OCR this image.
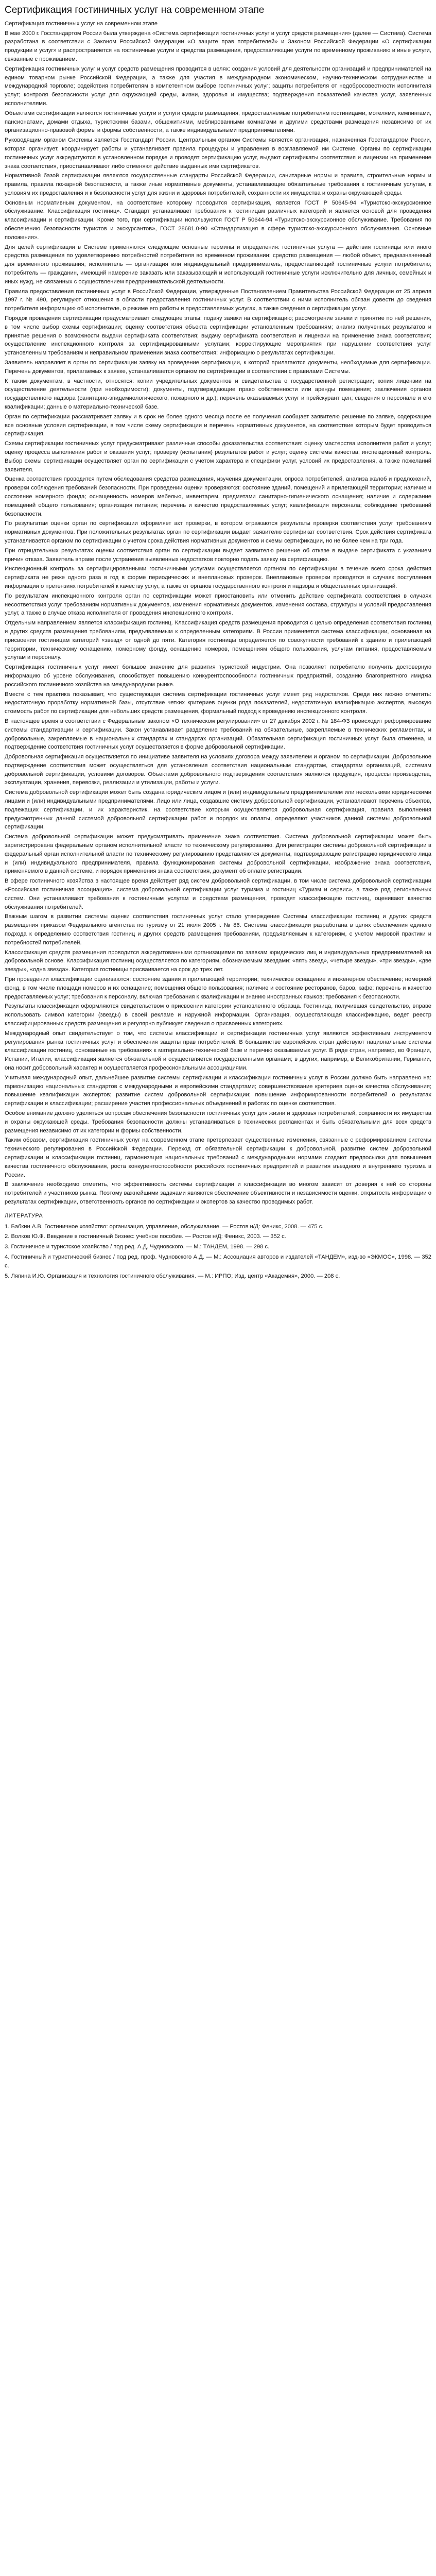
Сертификация гостиничных услуг на современном этапе
Сертификация гостиничных услуг на современном этапе

В мае 2000 г. Госстандартом России была утверждена «Система сертификации гостиничных услуг и услуг средств размещения» (далее — Система). Система разработана в соответствии с Законом Российской Федерации «О защите прав потребителей» и Законом Российской Федерации «О сертификации продукции и услуг» и распространяется на гостиничные услуги и средства размещения, предоставляющие услуги по временному проживанию и иные услуги, связанные с проживанием.

Сертификация гостиничных услуг и услуг средств размещения проводится в целях: создания условий для деятельности организаций и предпринимателей на едином товарном рынке Российской Федерации, а также для участия в международном экономическом, научно-техническом сотрудничестве и международной торговле; содействия потребителям в компетентном выборе гостиничных услуг; защиты потребителя от недобросовестности исполнителя услуг; контроля безопасности услуг для окружающей среды, жизни, здоровья и имущества; подтверждения показателей качества услуг, заявленных исполнителями.

Объектами сертификации являются гостиничные услуги и услуги средств размещения, предоставляемые потребителям гостиницами, мотелями, кемпингами, пансионатами, домами отдыха, туристскими базами, общежитиями, меблированными комнатами и другими средствами размещения независимо от их организационно-правовой формы и формы собственности, а также индивидуальными предпринимателями.

Руководящим органом Системы является Госстандарт России. Центральным органом Системы является организация, назначенная Госстандартом России, которая организует, координирует работы и устанавливает правила процедуры и управления в возглавляемой им Системе. Органы по сертификации гостиничных услуг аккредитуются в установленном порядке и проводят сертификацию услуг, выдают сертификаты соответствия и лицензии на применение знака соответствия, приостанавливают либо отменяют действие выданных ими сертификатов.

Нормативной базой сертификации являются государственные стандарты Российской Федерации, санитарные нормы и правила, строительные нормы и правила, правила пожарной безопасности, а также иные нормативные документы, устанавливающие обязательные требования к гостиничным услугам, к условиям их предоставления и к безопасности услуг для жизни и здоровья потребителей, сохранности их имущества и охраны окружающей среды.

Основным нормативным документом, на соответствие которому проводится сертификация, является ГОСТ Р 50645-94 «Туристско-экскурсионное обслуживание. Классификация гостиниц». Стандарт устанавливает требования к гостиницам различных категорий и является основой для проведения классификации и сертификации. Кроме того, при сертификации используются ГОСТ Р 50644-94 «Туристско-экскурсионное обслуживание. Требования по обеспечению безопасности туристов и экскурсантов», ГОСТ 28681.0-90 «Стандартизация в сфере туристско-экскурсионного обслуживания. Основные положения».

Для целей сертификации в Системе применяются следующие основные термины и определения: гостиничная услуга — действия гостиницы или иного средства размещения по удовлетворению потребностей потребителя во временном проживании; средство размещения — любой объект, предназначенный для временного проживания; исполнитель — организация или индивидуальный предприниматель, предоставляющий гостиничные услуги потребителю; потребитель — гражданин, имеющий намерение заказать или заказывающий и использующий гостиничные услуги исключительно для личных, семейных и иных нужд, не связанных с осуществлением предпринимательской деятельности.

Правила предоставления гостиничных услуг в Российской Федерации, утвержденные Постановлением Правительства Российской Федерации от 25 апреля 1997 г. № 490, регулируют отношения в области предоставления гостиничных услуг. В соответствии с ними исполнитель обязан довести до сведения потребителя информацию об исполнителе, о режиме его работы и предоставляемых услугах, а также сведения о сертификации услуг.

Порядок проведения сертификации предусматривает следующие этапы: подачу заявки на сертификацию; рассмотрение заявки и принятие по ней решения, в том числе выбор схемы сертификации; оценку соответствия объекта сертификации установленным требованиям; анализ полученных результатов и принятие решения о возможности выдачи сертификата соответствия; выдачу сертификата соответствия и лицензии на применение знака соответствия; осуществление инспекционного контроля за сертифицированными услугами; корректирующие мероприятия при нарушении соответствия услуг установленным требованиям и неправильном применении знака соответствия; информацию о результатах сертификации.

Заявитель направляет в орган по сертификации заявку на проведение сертификации, к которой прилагаются документы, необходимые для сертификации. Перечень документов, прилагаемых к заявке, устанавливается органом по сертификации в соответствии с правилами Системы.

К таким документам, в частности, относятся: копии учредительных документов и свидетельства о государственной регистрации; копия лицензии на осуществление деятельности (при необходимости); документы, подтверждающие право собственности или аренды помещения; заключения органов государственного надзора (санитарно-эпидемиологического, пожарного и др.); перечень оказываемых услуг и прейскурант цен; сведения о персонале и его квалификации; данные о материально-технической базе.

Орган по сертификации рассматривает заявку и в срок не более одного месяца после ее получения сообщает заявителю решение по заявке, содержащее все основные условия сертификации, в том числе схему сертификации и перечень нормативных документов, на соответствие которым будет проводиться сертификация.

Схемы сертификации гостиничных услуг предусматривают различные способы доказательства соответствия: оценку мастерства исполнителя работ и услуг; оценку процесса выполнения работ и оказания услуг; проверку (испытания) результатов работ и услуг; оценку системы качества; инспекционный контроль. Выбор схемы сертификации осуществляет орган по сертификации с учетом характера и специфики услуг, условий их предоставления, а также пожеланий заявителя.

Оценка соответствия проводится путем обследования средства размещения, изучения документации, опроса потребителей, анализа жалоб и предложений, проверки соблюдения требований безопасности. При проведении оценки проверяются: состояние зданий, помещений и прилегающей территории; наличие и состояние номерного фонда; оснащенность номеров мебелью, инвентарем, предметами санитарно-гигиенического оснащения; наличие и содержание помещений общего пользования; организация питания; перечень и качество предоставляемых услуг; квалификация персонала; соблюдение требований безопасности.

По результатам оценки орган по сертификации оформляет акт проверки, в котором отражаются результаты проверки соответствия услуг требованиям нормативных документов. При положительных результатах орган по сертификации выдает заявителю сертификат соответствия. Срок действия сертификата устанавливается органом по сертификации с учетом срока действия нормативных документов и схемы сертификации, но не более чем на три года.

При отрицательных результатах оценки соответствия орган по сертификации выдает заявителю решение об отказе в выдаче сертификата с указанием причин отказа. Заявитель вправе после устранения выявленных недостатков повторно подать заявку на сертификацию.

Инспекционный контроль за сертифицированными гостиничными услугами осуществляется органом по сертификации в течение всего срока действия сертификата не реже одного раза в год в форме периодических и внеплановых проверок. Внеплановые проверки проводятся в случаях поступления информации о претензиях потребителей к качеству услуг, а также от органов государственного контроля и надзора и общественных организаций.

По результатам инспекционного контроля орган по сертификации может приостановить или отменить действие сертификата соответствия в случаях несоответствия услуг требованиям нормативных документов, изменения нормативных документов, изменения состава, структуры и условий предоставления услуг, а также в случае отказа исполнителя от проведения инспекционного контроля.

Отдельным направлением является классификация гостиниц. Классификация средств размещения проводится с целью определения соответствия гостиниц и других средств размещения требованиям, предъявляемым к определенным категориям. В России применяется система классификации, основанная на присвоении гостиницам категорий «звезд» от одной до пяти. Категория гостиницы определяется по совокупности требований к зданию и прилегающей территории, техническому оснащению, номерному фонду, оснащению номеров, помещениям общего пользования, услугам питания, предоставляемым услугам и персоналу.

Сертификация гостиничных услуг имеет большое значение для развития туристской индустрии. Она позволяет потребителю получить достоверную информацию об уровне обслуживания, способствует повышению конкурентоспособности гостиничных предприятий, созданию благоприятного имиджа российского гостиничного хозяйства на международном рынке.

Вместе с тем практика показывает, что существующая система сертификации гостиничных услуг имеет ряд недостатков. Среди них можно отметить: недостаточную проработку нормативной базы, отсутствие четких критериев оценки ряда показателей, недостаточную квалификацию экспертов, высокую стоимость работ по сертификации для небольших средств размещения, формальный подход к проведению инспекционного контроля.

В настоящее время в соответствии с Федеральным законом «О техническом регулировании» от 27 декабря 2002 г. № 184-ФЗ происходит реформирование системы стандартизации и сертификации. Закон устанавливает разделение требований на обязательные, закрепляемые в технических регламентах, и добровольные, закрепляемые в национальных стандартах и стандартах организаций. Обязательная сертификация гостиничных услуг была отменена, и подтверждение соответствия гостиничных услуг осуществляется в форме добровольной сертификации.

Добровольная сертификация осуществляется по инициативе заявителя на условиях договора между заявителем и органом по сертификации. Добровольное подтверждение соответствия может осуществляться для установления соответствия национальным стандартам, стандартам организаций, системам добровольной сертификации, условиям договоров. Объектами добровольного подтверждения соответствия являются продукция, процессы производства, эксплуатации, хранения, перевозки, реализации и утилизации, работы и услуги.

Система добровольной сертификации может быть создана юридическим лицом и (или) индивидуальным предпринимателем или несколькими юридическими лицами и (или) индивидуальными предпринимателями. Лицо или лица, создавшие систему добровольной сертификации, устанавливают перечень объектов, подлежащих сертификации, и их характеристик, на соответствие которым осуществляется добровольная сертификация, правила выполнения предусмотренных данной системой добровольной сертификации работ и порядок их оплаты, определяют участников данной системы добровольной сертификации.

Система добровольной сертификации может предусматривать применение знака соответствия. Система добровольной сертификации может быть зарегистрирована федеральным органом исполнительной власти по техническому регулированию. Для регистрации системы добровольной сертификации в федеральный орган исполнительной власти по техническому регулированию представляются документы, подтверждающие регистрацию юридического лица и (или) индивидуального предпринимателя, правила функционирования системы добровольной сертификации, изображение знака соответствия, применяемого в данной системе, и порядок применения знака соответствия, документ об оплате регистрации.

В сфере гостиничного хозяйства в настоящее время действует ряд систем добровольной сертификации, в том числе система добровольной сертификации «Российская гостиничная ассоциация», система добровольной сертификации услуг туризма и гостиниц «Туризм и сервис», а также ряд региональных систем. Они устанавливают требования к гостиничным услугам и средствам размещения, проводят классификацию гостиниц, оценивают качество обслуживания потребителей.

Важным шагом в развитии системы оценки соответствия гостиничных услуг стало утверждение Системы классификации гостиниц и других средств размещения приказом Федерального агентства по туризму от 21 июля 2005 г. № 86. Система классификации разработана в целях обеспечения единого подхода к определению соответствия гостиниц и других средств размещения требованиям, предъявляемым к категориям, с учетом мировой практики и потребностей потребителей.

Классификация средств размещения проводится аккредитованными организациями по заявкам юридических лиц и индивидуальных предпринимателей на добровольной основе. Классификация гостиниц осуществляется по категориям, обозначаемым звездами: «пять звезд», «четыре звезды», «три звезды», «две звезды», «одна звезда». Категория гостиницы присваивается на срок до трех лет.

При проведении классификации оцениваются: состояние здания и прилегающей территории; техническое оснащение и инженерное обеспечение; номерной фонд, в том числе площади номеров и их оснащение; помещения общего пользования; наличие и состояние ресторанов, баров, кафе; перечень и качество предоставляемых услуг; требования к персоналу, включая требования к квалификации и знанию иностранных языков; требования к безопасности.

Результаты классификации оформляются свидетельством о присвоении категории установленного образца. Гостиница, получившая свидетельство, вправе использовать символ категории (звезды) в своей рекламе и наружной информации. Организация, осуществляющая классификацию, ведет реестр классифицированных средств размещения и регулярно публикует сведения о присвоенных категориях.

Международный опыт свидетельствует о том, что системы классификации и сертификации гостиничных услуг являются эффективным инструментом регулирования рынка гостиничных услуг и обеспечения защиты прав потребителей. В большинстве европейских стран действуют национальные системы классификации гостиниц, основанные на требованиях к материально-технической базе и перечню оказываемых услуг. В ряде стран, например, во Франции, Испании, Италии, классификация является обязательной и осуществляется государственными органами; в других, например, в Великобритании, Германии, она носит добровольный характер и осуществляется профессиональными ассоциациями.

Учитывая международный опыт, дальнейшее развитие системы сертификации и классификации гостиничных услуг в России должно быть направлено на: гармонизацию национальных стандартов с международными и европейскими стандартами; совершенствование критериев оценки качества обслуживания; повышение квалификации экспертов; развитие систем добровольной сертификации; повышение информированности потребителей о результатах сертификации и классификации; расширение участия профессиональных объединений в работах по оценке соответствия.

Особое внимание должно уделяться вопросам обеспечения безопасности гостиничных услуг для жизни и здоровья потребителей, сохранности их имущества и охраны окружающей среды. Требования безопасности должны устанавливаться в технических регламентах и быть обязательными для всех средств размещения независимо от их категории и формы собственности.

Таким образом, сертификация гостиничных услуг на современном этапе претерпевает существенные изменения, связанные с реформированием системы технического регулирования в Российской Федерации. Переход от обязательной сертификации к добровольной, развитие систем добровольной сертификации и классификации гостиниц, гармонизация национальных требований с международными нормами создают предпосылки для повышения качества гостиничного обслуживания, роста конкурентоспособности российских гостиничных предприятий и развития въездного и внутреннего туризма в России.

В заключение необходимо отметить, что эффективность системы сертификации и классификации во многом зависит от доверия к ней со стороны потребителей и участников рынка. Поэтому важнейшими задачами являются обеспечение объективности и независимости оценки, открытость информации о результатах сертификации, ответственность органов по сертификации и экспертов за качество проводимых работ.

ЛИТЕРАТУРА
1. Бабкин А.В. Гостиничное хозяйство: организация, управление, обслуживание. — Ростов н/Д: Феникс, 2008. — 475 с.
2. Волков Ю.Ф. Введение в гостиничный бизнес: учебное пособие. — Ростов н/Д: Феникс, 2003. — 352 с.
3. Гостиничное и туристское хозяйство / под ред. А.Д. Чудновского. — М.: ТАНДЕМ, 1998. — 298 с.
4. Гостиничный и туристический бизнес / под ред. проф. Чудновского А.Д. — М.: Ассоциация авторов и издателей «ТАНДЕМ», изд-во «ЭКМОС», 1998. — 352 с.
5. Ляпина И.Ю. Организация и технология гостиничного обслуживания. — М.: ИРПО; Изд. центр «Академия», 2000. — 208 с.
